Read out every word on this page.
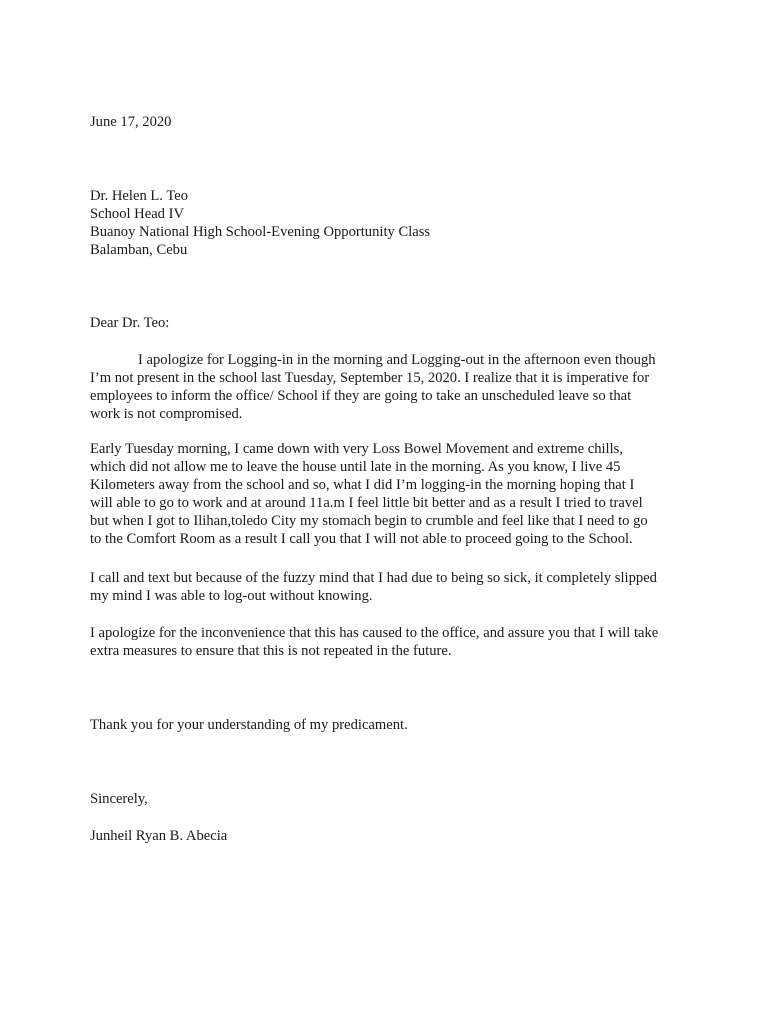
June 17, 2020
Dr. Helen L. Teo
School Head IV
Buanoy National High School-Evening Opportunity Class
Balamban, Cebu
Dear Dr. Teo:

I apologize for Logging-in in the morning and Logging-out in the afternoon even though

I’m not present in the school last Tuesday, September 15, 2020. I realize that it is imperative for

employees to inform the office/ School if they are going to take an unscheduled leave so that

work is not compromised.

Early Tuesday morning, I came down with very Loss Bowel Movement and extreme chills,

which did not allow me to leave the house until late in the morning. As you know, I live 45

Kilometers away from the school and so, what I did I’m logging-in the morning hoping that I

will able to go to work and at around 11a.m I feel little bit better and as a result I tried to travel

but when I got to Ilihan,toledo City my stomach begin to crumble and feel like that I need to go

to the Comfort Room as a result I call you that I will not able to proceed going to the School.

I call and text but because of the fuzzy mind that I had due to being so sick, it completely slipped

my mind I was able to log-out without knowing.

I apologize for the inconvenience that this has caused to the office, and assure you that I will take

extra measures to ensure that this is not repeated in the future.

Thank you for your understanding of my predicament.
Sincerely,
Junheil Ryan B. Abecia
